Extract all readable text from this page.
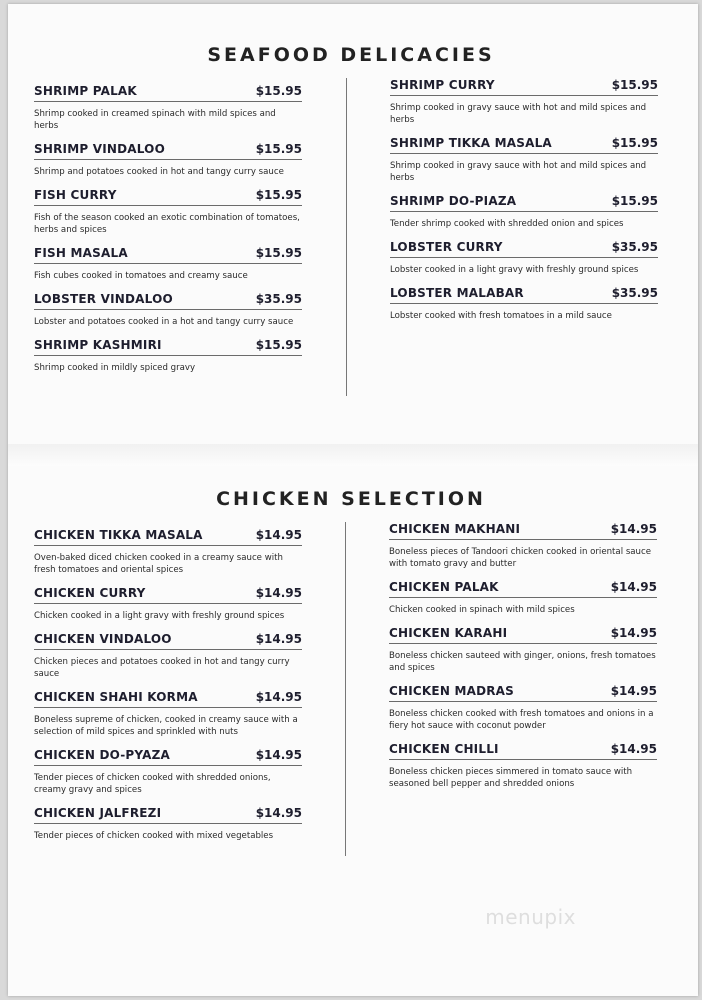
SEAFOOD DELICACIES
SHRIMP PALAK	$15.95
Shrimp cooked in creamed spinach with mild spices and herbs
SHRIMP VINDALOO	$15.95
Shrimp and potatoes cooked in hot and tangy curry sauce
FISH CURRY	$15.95
Fish of the season cooked an exotic combination of tomatoes, herbs and spices
FISH MASALA	$15.95
Fish cubes cooked in tomatoes and creamy sauce
LOBSTER VINDALOO	$35.95
Lobster and potatoes cooked in a hot and tangy curry sauce
SHRIMP KASHMIRI	$15.95
Shrimp cooked in mildly spiced gravy
SHRIMP CURRY	$15.95
Shrimp cooked in gravy sauce with hot and mild spices and herbs
SHRIMP TIKKA MASALA	$15.95
Shrimp cooked in gravy sauce with hot and mild spices and herbs
SHRIMP DO-PIAZA	$15.95
Tender shrimp cooked with shredded onion and spices
LOBSTER CURRY	$35.95
Lobster cooked in a light gravy with freshly ground spices
LOBSTER MALABAR	$35.95
Lobster cooked with fresh tomatoes in a mild sauce
CHICKEN SELECTION
CHICKEN TIKKA MASALA	$14.95
Oven-baked diced chicken cooked in a creamy sauce with fresh tomatoes and oriental spices
CHICKEN CURRY	$14.95
Chicken cooked in a light gravy with freshly ground spices
CHICKEN VINDALOO	$14.95
Chicken pieces and potatoes cooked in hot and tangy curry sauce
CHICKEN SHAHI KORMA	$14.95
Boneless supreme of chicken, cooked in creamy sauce with a selection of mild spices and sprinkled with nuts
CHICKEN DO-PYAZA	$14.95
Tender pieces of chicken cooked with shredded onions, creamy gravy and spices
CHICKEN JALFREZI	$14.95
Tender pieces of chicken cooked with mixed vegetables
CHICKEN MAKHANI	$14.95
Boneless pieces of Tandoori chicken cooked in oriental sauce with tomato gravy and butter
CHICKEN PALAK	$14.95
Chicken cooked in spinach with mild spices
CHICKEN KARAHI	$14.95
Boneless chicken sauteed with ginger, onions, fresh tomatoes and spices
CHICKEN MADRAS	$14.95
Boneless chicken cooked with fresh tomatoes and onions in a fiery hot sauce with coconut powder
CHICKEN CHILLI	$14.95
Boneless chicken pieces simmered in tomato sauce with seasoned bell pepper and shredded onions
menupix
